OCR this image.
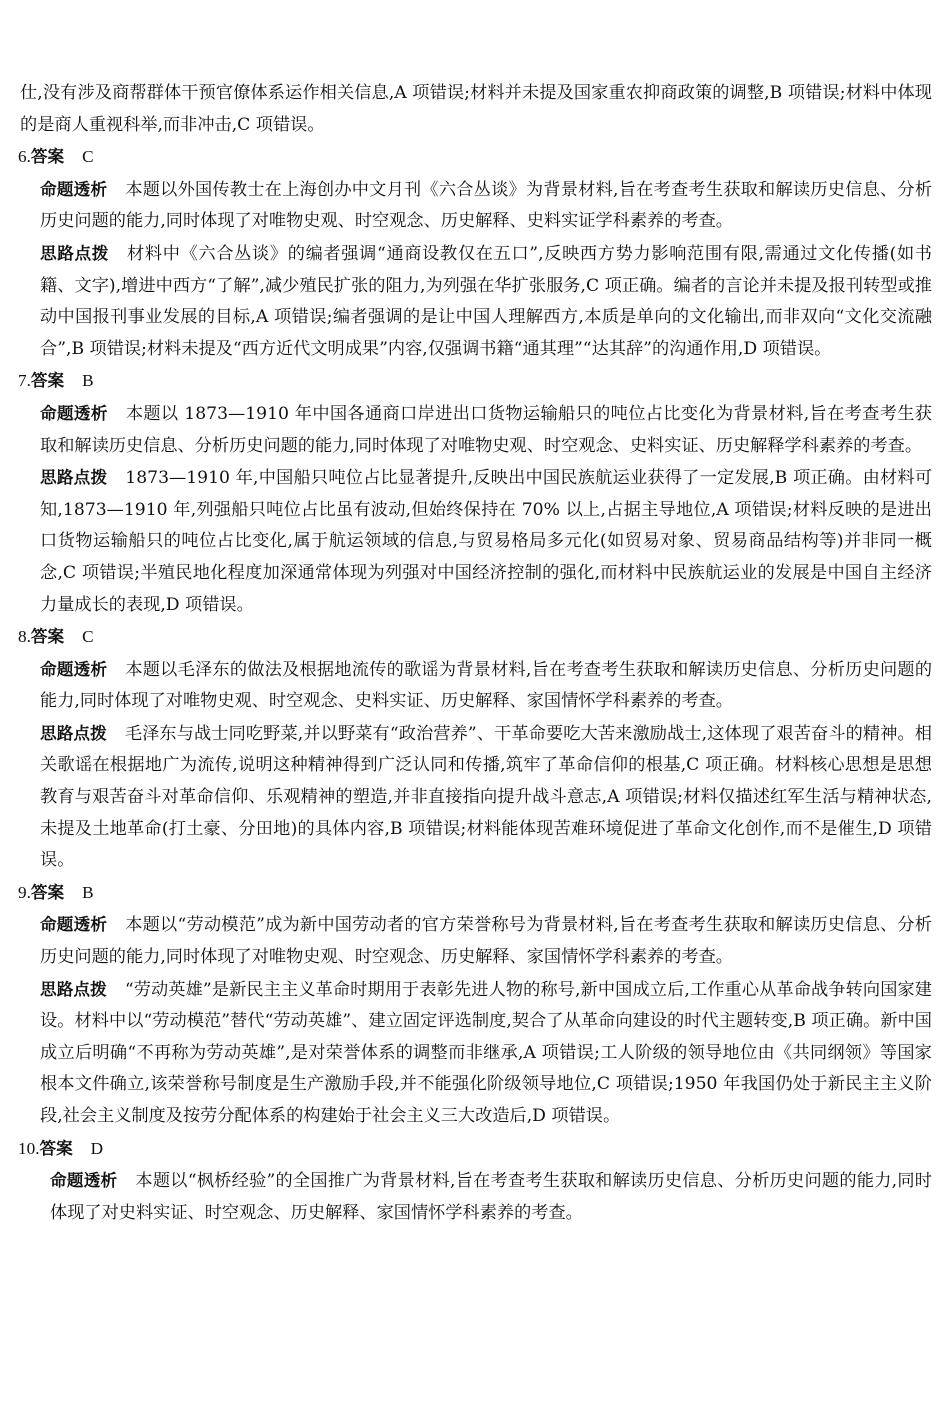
仕,没有涉及商帮群体干预官僚体系运作相关信息,A 项错误;材料并未提及国家重农抑商政策的调整,B 项错误;材料中体现的是商人重视科举,而非冲击,C 项错误。

6.答案 C

命题透析 本题以外国传教士在上海创办中文月刊《六合丛谈》为背景材料,旨在考查考生获取和解读历史信息、分析历史问题的能力,同时体现了对唯物史观、时空观念、历史解释、史料实证学科素养的考查。

思路点拨 材料中《六合丛谈》的编者强调“通商设教仅在五口”,反映西方势力影响范围有限,需通过文化传播(如书籍、文字),增进中西方“了解”,减少殖民扩张的阻力,为列强在华扩张服务,C 项正确。编者的言论并未提及报刊转型或推动中国报刊事业发展的目标,A 项错误;编者强调的是让中国人理解西方,本质是单向的文化输出,而非双向“文化交流融合”,B 项错误;材料未提及“西方近代文明成果”内容,仅强调书籍“通其理”“达其辞”的沟通作用,D 项错误。

7.答案 B

命题透析 本题以 1873—1910 年中国各通商口岸进出口货物运输船只的吨位占比变化为背景材料,旨在考查考生获取和解读历史信息、分析历史问题的能力,同时体现了对唯物史观、时空观念、史料实证、历史解释学科素养的考查。

思路点拨 1873—1910 年,中国船只吨位占比显著提升,反映出中国民族航运业获得了一定发展,B 项正确。由材料可知,1873—1910 年,列强船只吨位占比虽有波动,但始终保持在 70% 以上,占据主导地位,A 项错误;材料反映的是进出口货物运输船只的吨位占比变化,属于航运领域的信息,与贸易格局多元化(如贸易对象、贸易商品结构等)并非同一概念,C 项错误;半殖民地化程度加深通常体现为列强对中国经济控制的强化,而材料中民族航运业的发展是中国自主经济力量成长的表现,D 项错误。

8.答案 C

命题透析 本题以毛泽东的做法及根据地流传的歌谣为背景材料,旨在考查考生获取和解读历史信息、分析历史问题的能力,同时体现了对唯物史观、时空观念、史料实证、历史解释、家国情怀学科素养的考查。

思路点拨 毛泽东与战士同吃野菜,并以野菜有“政治营养”、干革命要吃大苦来激励战士,这体现了艰苦奋斗的精神。相关歌谣在根据地广为流传,说明这种精神得到广泛认同和传播,筑牢了革命信仰的根基,C 项正确。材料核心思想是思想教育与艰苦奋斗对革命信仰、乐观精神的塑造,并非直接指向提升战斗意志,A 项错误;材料仅描述红军生活与精神状态,未提及土地革命(打土豪、分田地)的具体内容,B 项错误;材料能体现苦难环境促进了革命文化创作,而不是催生,D 项错误。

9.答案 B

命题透析 本题以“劳动模范”成为新中国劳动者的官方荣誉称号为背景材料,旨在考查考生获取和解读历史信息、分析历史问题的能力,同时体现了对唯物史观、时空观念、历史解释、家国情怀学科素养的考查。

思路点拨 “劳动英雄”是新民主主义革命时期用于表彰先进人物的称号,新中国成立后,工作重心从革命战争转向国家建设。材料中以“劳动模范”替代“劳动英雄”、建立固定评选制度,契合了从革命向建设的时代主题转变,B 项正确。新中国成立后明确“不再称为劳动英雄”,是对荣誉体系的调整而非继承,A 项错误;工人阶级的领导地位由《共同纲领》等国家根本文件确立,该荣誉称号制度是生产激励手段,并不能强化阶级领导地位,C 项错误;1950 年我国仍处于新民主主义阶段,社会主义制度及按劳分配体系的构建始于社会主义三大改造后,D 项错误。

10.答案 D

命题透析 本题以“枫桥经验”的全国推广为背景材料,旨在考查考生获取和解读历史信息、分析历史问题的能力,同时体现了对史料实证、时空观念、历史解释、家国情怀学科素养的考查。
